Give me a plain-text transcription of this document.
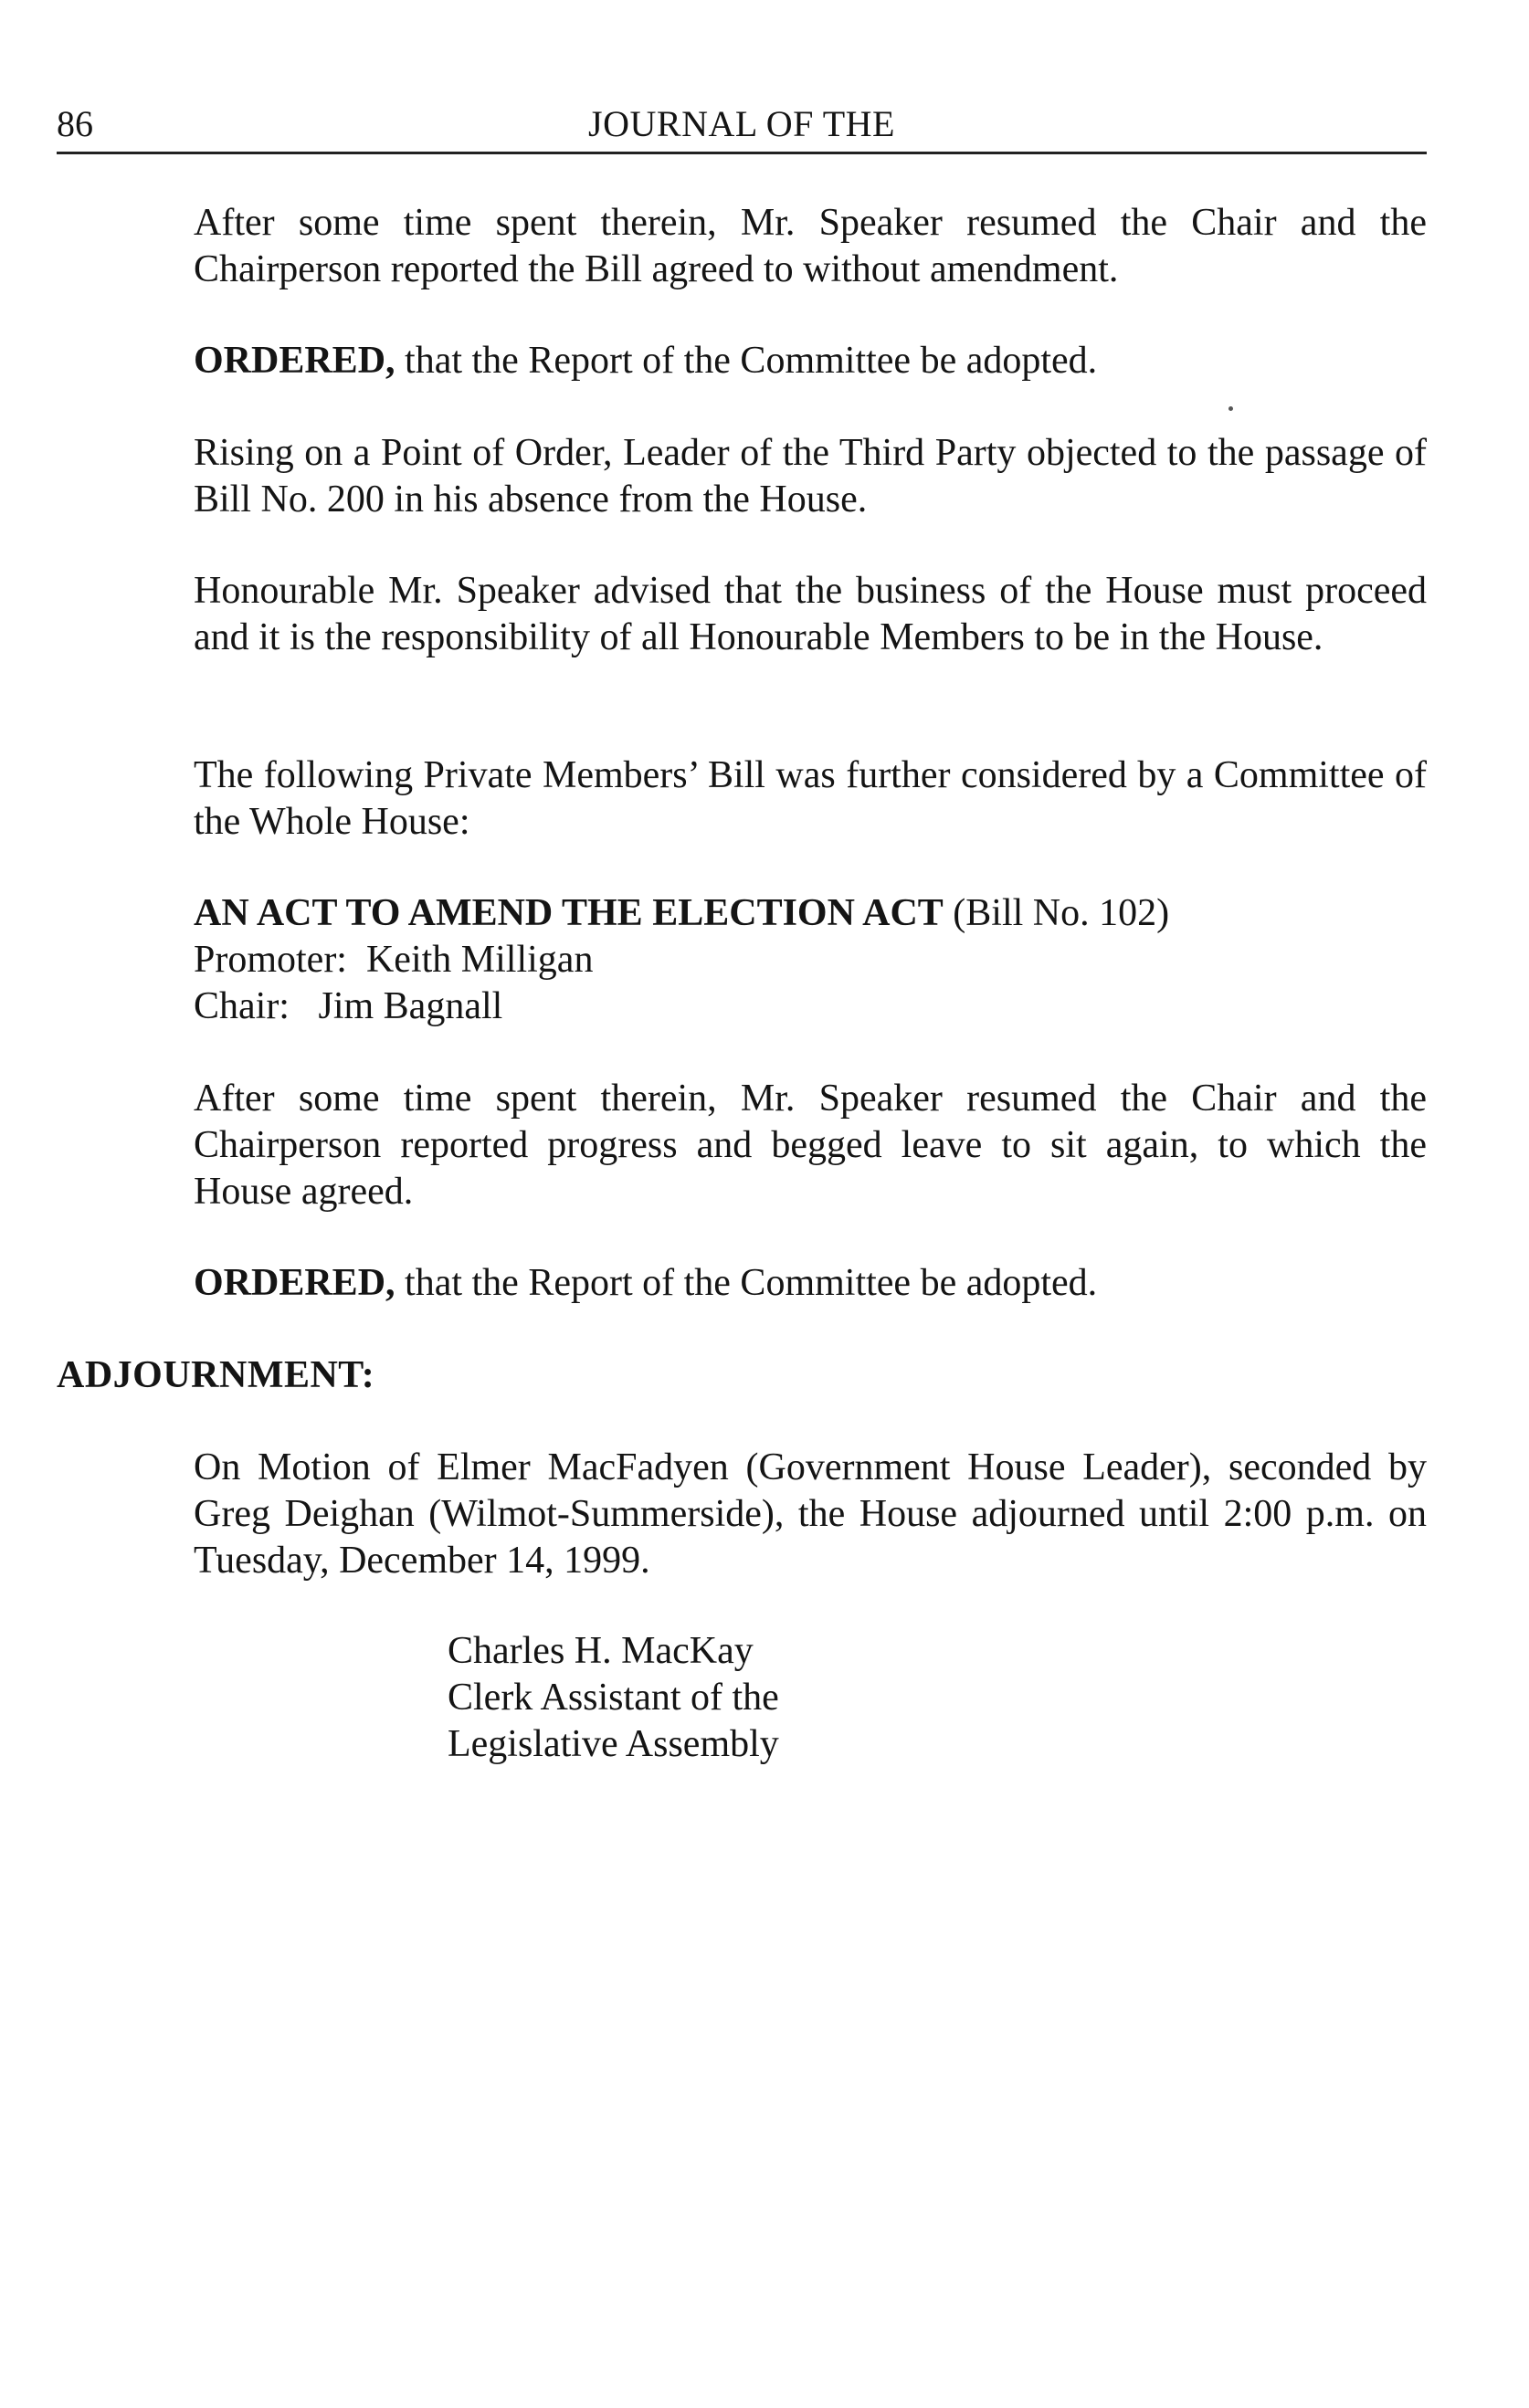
86	JOURNAL OF THE

After some time spent therein, Mr. Speaker resumed the Chair and the Chairperson reported the Bill agreed to without amendment.

ORDERED, that the Report of the Committee be adopted.

Rising on a Point of Order, Leader of the Third Party objected to the passage of Bill No. 200 in his absence from the House.

Honourable Mr. Speaker advised that the business of the House must proceed and it is the responsibility of all Honourable Members to be in the House.

The following Private Members’ Bill was further considered by a Committee of the Whole House:

AN ACT TO AMEND THE ELECTION ACT (Bill No. 102)

Promoter:  Keith Milligan

Chair:   Jim Bagnall

After some time spent therein, Mr. Speaker resumed the Chair and the Chairperson reported progress and begged leave to sit again, to which the House agreed.

ORDERED, that the Report of the Committee be adopted.

ADJOURNMENT:

On Motion of Elmer MacFadyen (Government House Leader), seconded by Greg Deighan (Wilmot-Summerside), the House adjourned until 2:00 p.m. on Tuesday, December 14, 1999.

Charles H. MacKay
Clerk Assistant of the
Legislative Assembly
